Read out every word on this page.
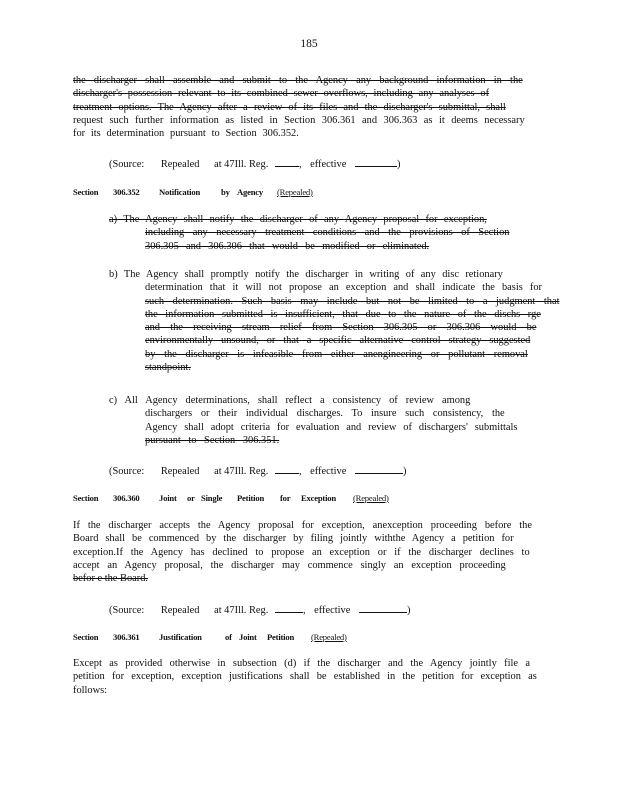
185
the discharger shall assemble and submit to the Agency any background information in the
discharger's possession relevant to its combined sewer overflows, including any analyses of
treatment options. The Agency after a review of its files and the discharger's submittal, shall
request such further information as listed in Section 306.361 and 306.363 as it deems necessary
for its determination pursuant to Section 306.352.
(Source: Repealed at 47Ill. Reg.	, effective	)
Section 306.352 Notification by Agency (Repealed)
a) The Agency shall notify the discharger of any Agency proposal for exception,
including any necessary treatment conditions and the provisions of Section
306.305 and 306.306 that would be modified or eliminated.
b) The Agency shall promptly notify the discharger in writing of any disc retionary
determination that it will not propose an exception and shall indicate the basis for
such determination. Such basis may include but not be limited to a judgment that
the information submitted is insufficient, that due to the nature of the dischs rge
and the receiving stream relief from Section 306.305 or 306.306 would be
environmentally unsound, or that a specific alternative control strategy suggested
by the discharger is infeasible from either anengineering or pollutant removal
standpoint.
c) All Agency determinations, shall reflect a consistency of review among
dischargers or their individual discharges. To insure such consistency, the
Agency shall adopt criteria for evaluation and review of dischargers' submittals
pursuant to Section 306.351.
(Source: Repealed at 47Ill. Reg.	, effective	)
Section 306.360 Joint or Single Petition for Exception (Repealed)
If the discharger accepts the Agency proposal for exception, anexception proceeding before the
Board shall be commenced by the discharger by filing jointly withthe Agency a petition for
exception.If the Agency has declined to propose an exception or if the discharger declines to
accept an Agency proposal, the discharger may commence singly an exception proceeding
befor e the Board.
(Source: Repealed at 47Ill. Reg.	, effective	)
Section 306.361 Justification	of Joint Petition (Repealed)
Except as provided otherwise in subsection (d) if the discharger and the Agency jointly file a
petition for exception, exception justifications shall be established in the petition for exception as
follows:
